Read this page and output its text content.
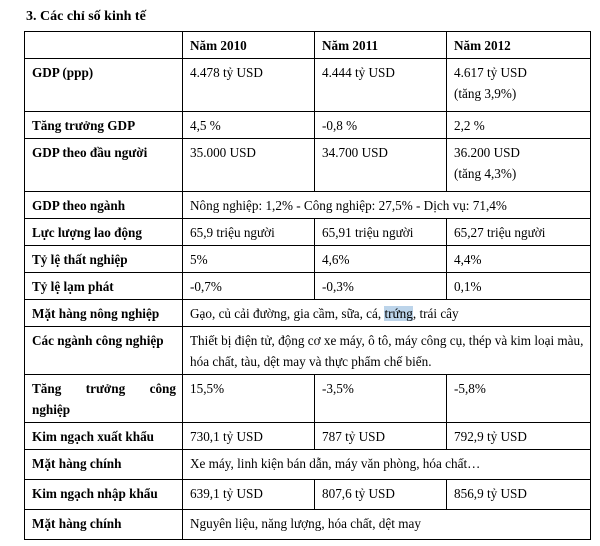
3. Các chỉ số kinh tế
	Năm 2010	Năm 2011	Năm 2012
GDP (ppp)	4.478 tỷ USD	4.444 tỷ USD	4.617 tỷ USD
(tăng 3,9%)

Tăng trưởng GDP	4,5 %	-0,8 %	2,2 %
GDP theo đầu người	35.000 USD	34.700 USD	36.200 USD
(tăng 4,3%)

GDP theo ngành	Nông nghiệp: 1,2% - Công nghiệp: 27,5% - Dịch vụ: 71,4%		
Lực lượng lao động	65,9 triệu người	65,91 triệu người	65,27 triệu người
Tỷ lệ thất nghiệp	5%	4,6%	4,4%
Tỷ lệ lạm phát	-0,7%	-0,3%	0,1%
Mặt hàng nông nghiệp	Gạo, củ cải đường, gia cầm, sữa, cá, trứng, trái cây		
Các ngành công nghiệp	Thiết bị điện tử, động cơ xe máy, ô tô, máy công cụ, thép và kim loại màu, hóa chất, tàu, dệt may và thực phẩm chế biến.		

Tăng trưởng công
nghiệp	15,5%	-3,5%	-5,8%
Kim ngạch xuất khẩu	730,1 tỷ USD	787 tỷ USD	792,9 tỷ USD
Mặt hàng chính	Xe máy, linh kiện bán dẫn, máy văn phòng, hóa chất…		
Kim ngạch nhập khẩu	639,1 tỷ USD	807,6 tỷ USD	856,9 tỷ USD
Mặt hàng chính	Nguyên liệu, năng lượng, hóa chất, dệt may		
